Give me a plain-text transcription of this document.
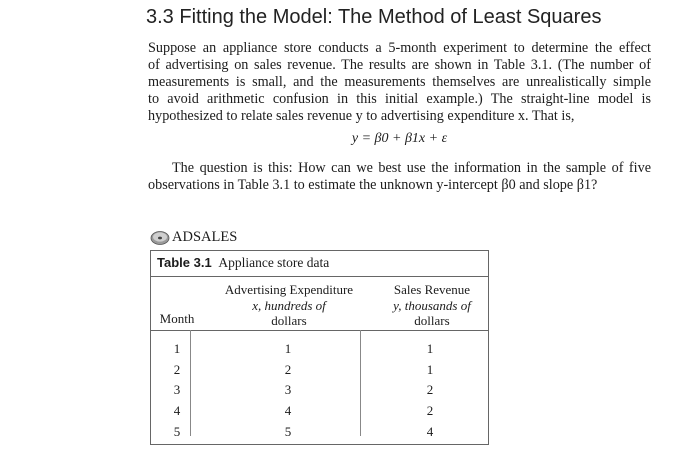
3.3 Fitting the Model: The Method of Least Squares
Suppose an appliance store conducts a 5-month experiment to determine the effect
of advertising on sales revenue. The results are shown in Table 3.1. (The number of
measurements is small, and the measurements themselves are unrealistically simple
to avoid arithmetic confusion in this initial example.) The straight-line model is
hypothesized to relate sales revenue y to advertising expenditure x. That is,
y = β0 + β1x + ε
The question is this: How can we best use the information in the sample of five
observations in Table 3.1 to estimate the unknown y-intercept β0 and slope β1?
ADSALES
Table 3.1 Appliance store data
Month
Advertising Expenditure
x, hundreds of
dollars
Sales Revenue
y, thousands of
dollars
1	1	1
2	2	1
3	3	2
4	4	2
5	5	4
